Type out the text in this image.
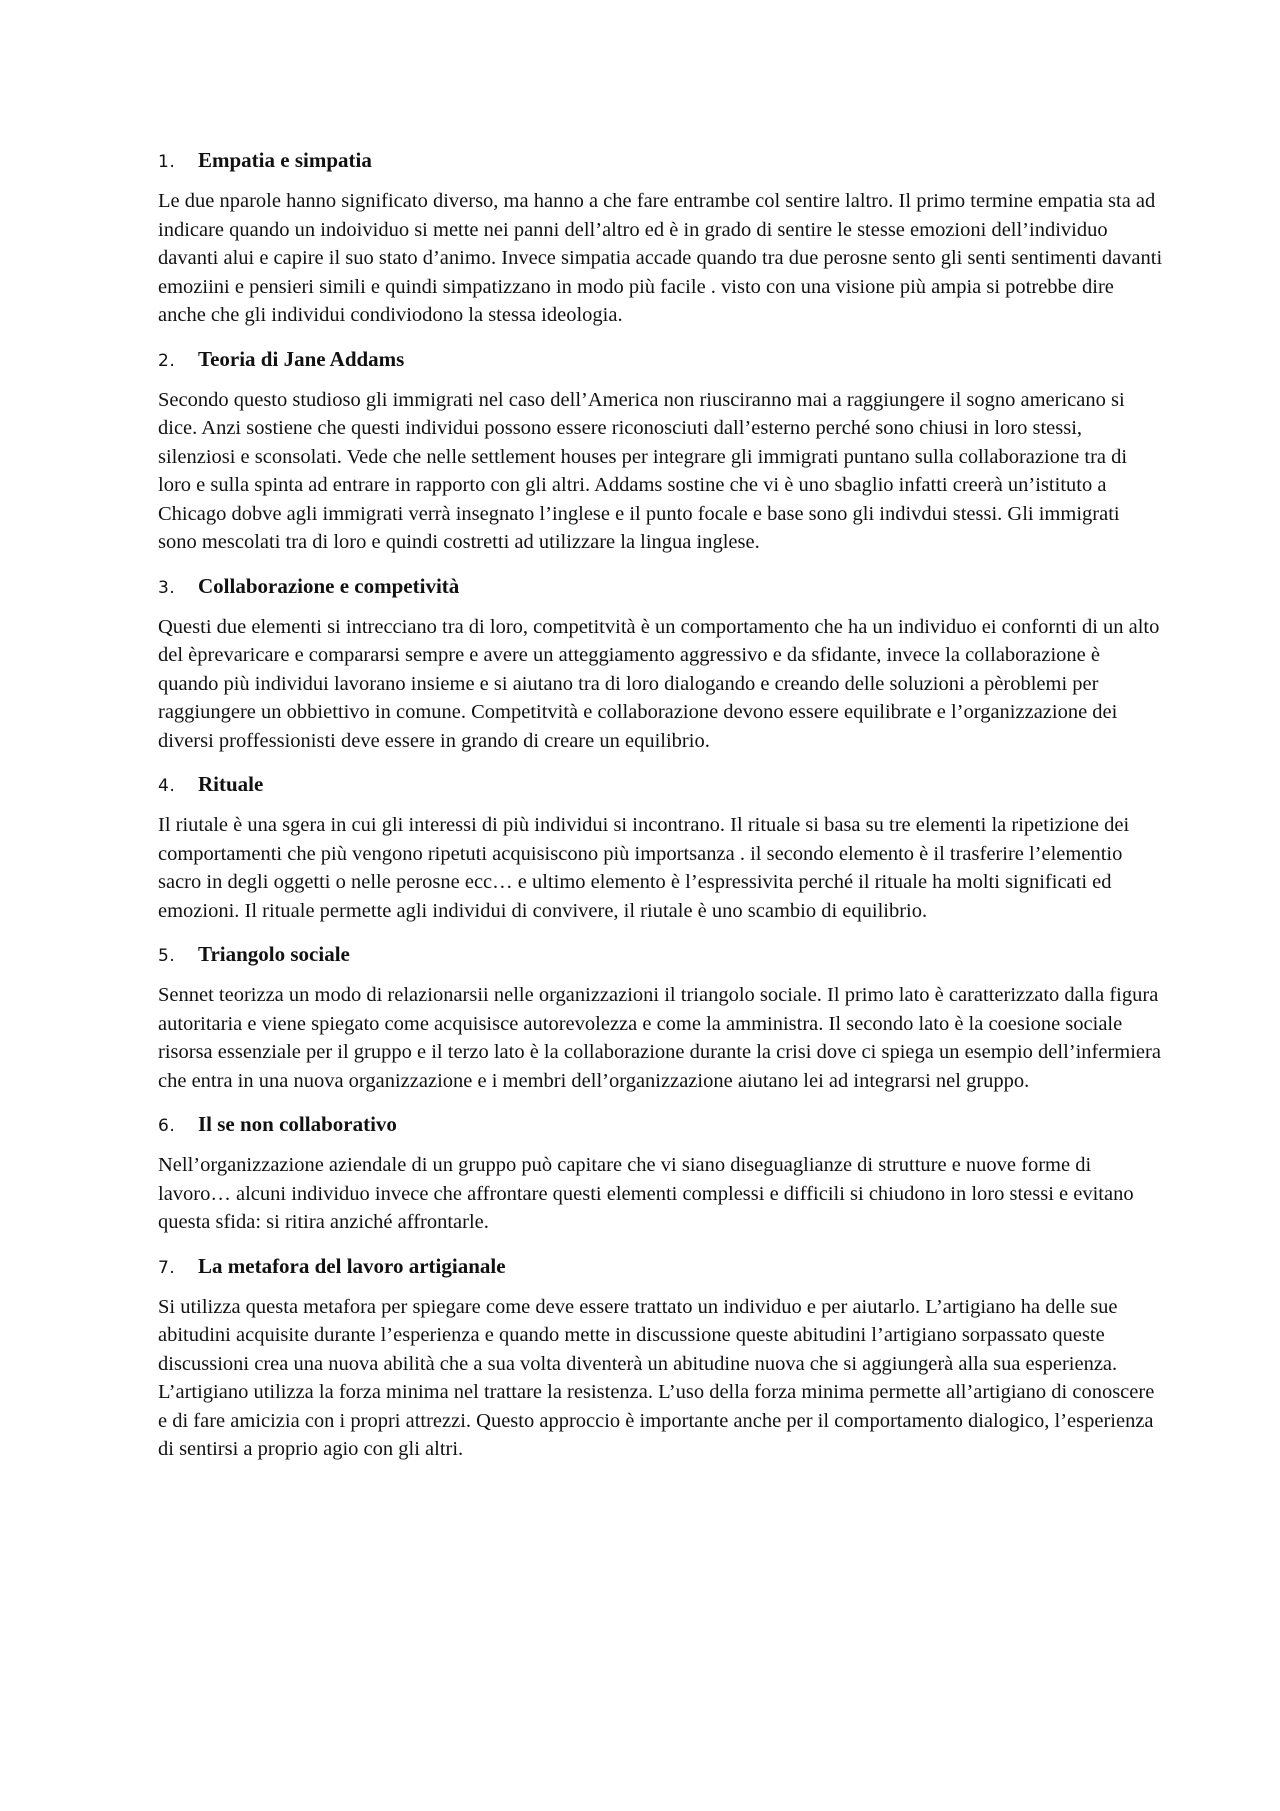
1.	Empatia e simpatia

Le due nparole hanno significato diverso, ma hanno a che fare entrambe col sentire laltro. Il primo termine empatia sta ad indicare quando un indoividuo si mette nei panni dell’altro ed è in grado di sentire le stesse emozioni dell’individuo davanti alui e capire il suo stato d’animo. Invece simpatia accade quando tra due perosne sento gli senti sentimenti davanti emoziini e pensieri simili e quindi simpatizzano in modo più facile . visto con una visione più ampia si potrebbe dire anche che gli individui condiviodono la stessa ideologia.

2.	Teoria di Jane Addams

Secondo questo studioso gli immigrati nel caso dell’America non riusciranno mai a raggiungere il sogno americano si dice. Anzi sostiene che questi individui possono essere riconosciuti dall’esterno perché sono chiusi in loro stessi, silenziosi e sconsolati. Vede che nelle settlement houses per integrare gli immigrati puntano sulla collaborazione tra di loro e sulla spinta ad entrare in rapporto con gli altri. Addams sostine che vi è uno sbaglio infatti creerà un’istituto a Chicago dobve agli immigrati verrà insegnato l’inglese e il punto focale e base sono gli indivdui stessi. Gli immigrati sono mescolati tra di loro e quindi costretti ad utilizzare la lingua inglese.

3.	Collaborazione e competività

Questi due elementi si intrecciano tra di loro, competitvità è un comportamento che ha un individuo ei confornti di un alto del èprevaricare e compararsi sempre e avere un atteggiamento aggressivo e da sfidante, invece la collaborazione è quando più individui lavorano insieme e si aiutano tra di loro dialogando e creando delle soluzioni a pèroblemi per raggiungere un obbiettivo in comune. Competitvità e collaborazione devono essere equilibrate e l’organizzazione dei diversi proffessionisti deve essere in grando di creare un equilibrio.

4.	Rituale

Il riutale è una sgera in cui gli interessi di più individui si incontrano. Il rituale si basa su tre elementi la ripetizione dei comportamenti che più vengono ripetuti acquisiscono più importsanza . il secondo elemento è il trasferire l’elementio sacro in degli oggetti o nelle perosne ecc… e ultimo elemento è l’espressivita perché il rituale ha molti significati ed emozioni. Il rituale permette agli individui di convivere, il riutale è uno scambio di equilibrio.

5.	Triangolo sociale

Sennet teorizza un modo di relazionarsii nelle organizzazioni il triangolo sociale. Il primo lato è caratterizzato dalla figura autoritaria e viene spiegato come acquisisce autorevolezza e come la amministra. Il secondo lato è la coesione sociale risorsa essenziale per il gruppo e il terzo lato è la collaborazione durante la crisi dove ci spiega un esempio dell’infermiera che entra in una nuova organizzazione e i membri dell’organizzazione aiutano lei ad integrarsi nel gruppo.

6.	Il se non collaborativo

Nell’organizzazione aziendale di un gruppo può capitare che vi siano diseguaglianze di strutture e nuove forme di lavoro… alcuni individuo invece che affrontare questi elementi complessi e difficili si chiudono in loro stessi e evitano questa sfida: si ritira anziché affrontarle.

7.	La metafora del lavoro artigianale

Si utilizza questa metafora per spiegare come deve essere trattato un individuo e per aiutarlo. L’artigiano ha delle sue abitudini acquisite durante l’esperienza e quando mette in discussione queste abitudini l’artigiano sorpassato queste discussioni crea una nuova abilità che a sua volta diventerà un abitudine nuova che si aggiungerà alla sua esperienza. L’artigiano utilizza la forza minima nel trattare la resistenza. L’uso della forza minima permette all’artigiano di conoscere e di fare amicizia con i propri attrezzi. Questo approccio è importante anche per il comportamento dialogico, l’esperienza di sentirsi a proprio agio con gli altri.
